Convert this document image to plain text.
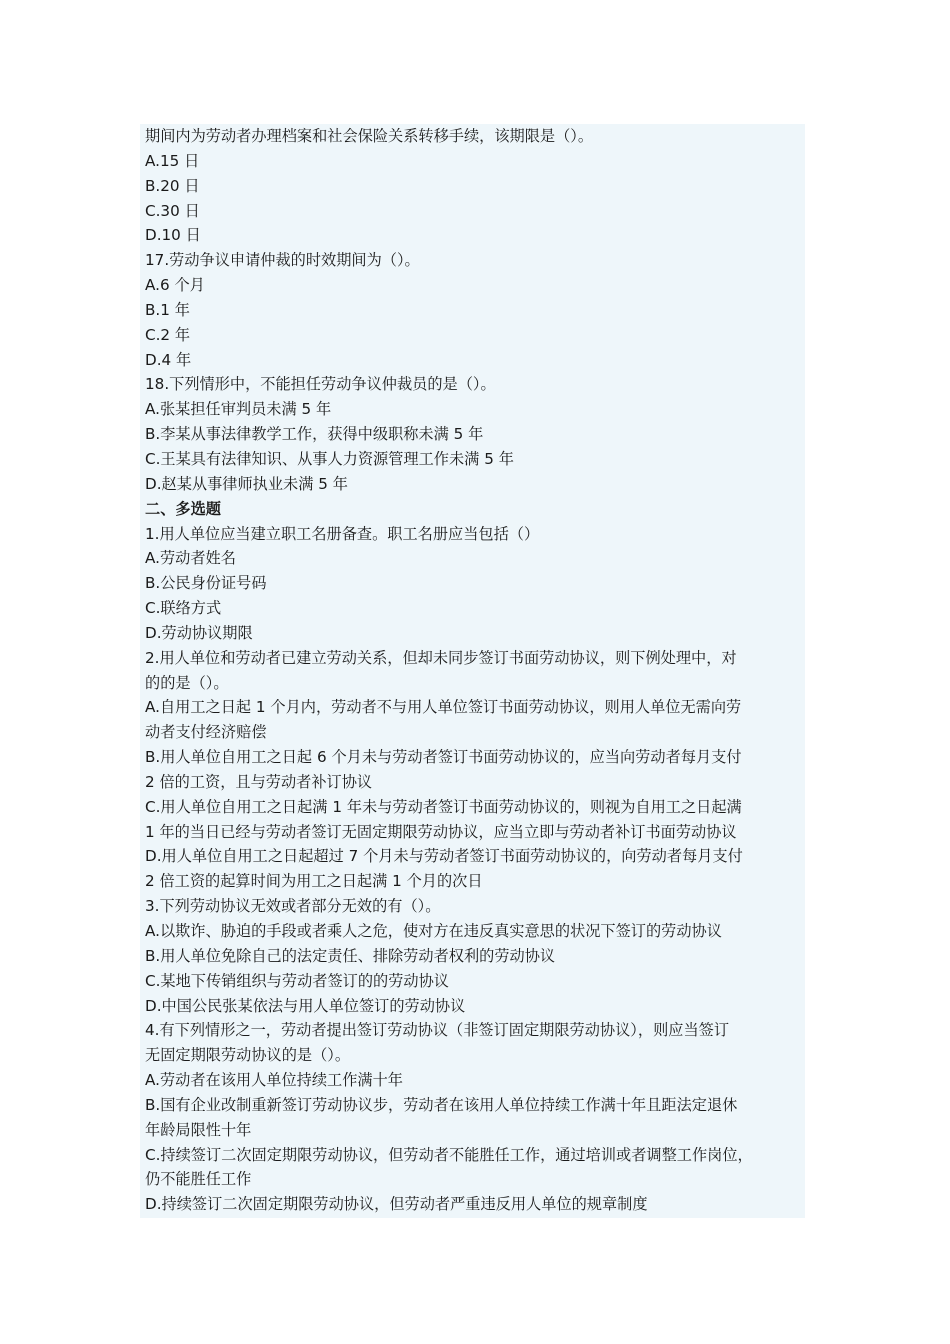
期间内为劳动者办理档案和社会保险关系转移手续，该期限是（）。
A.15 日
B.20 日
C.30 日
D.10 日
17.劳动争议申请仲裁的时效期间为（）。
A.6 个月
B.1 年
C.2 年
D.4 年
18.下列情形中，不能担任劳动争议仲裁员的是（）。
A.张某担任审判员未满 5 年
B.李某从事法律教学工作，获得中级职称未满 5 年
C.王某具有法律知识、从事人力资源管理工作未满 5 年
D.赵某从事律师执业未满 5 年
二、多选题
1.用人单位应当建立职工名册备查。职工名册应当包括（）
A.劳动者姓名
B.公民身份证号码
C.联络方式
D.劳动协议期限
2.用人单位和劳动者已建立劳动关系，但却未同步签订书面劳动协议，则下例处理中，对
的的是（）。
A.自用工之日起 1 个月内，劳动者不与用人单位签订书面劳动协议，则用人单位无需向劳
动者支付经济赔偿
B.用人单位自用工之日起 6 个月未与劳动者签订书面劳动协议的，应当向劳动者每月支付
2 倍的工资，且与劳动者补订协议
C.用人单位自用工之日起满 1 年未与劳动者签订书面劳动协议的，则视为自用工之日起满
1 年的当日已经与劳动者签订无固定期限劳动协议，应当立即与劳动者补订书面劳动协议
D.用人单位自用工之日起超过 7 个月未与劳动者签订书面劳动协议的，向劳动者每月支付
2 倍工资的起算时间为用工之日起满 1 个月的次日
3.下列劳动协议无效或者部分无效的有（）。
A.以欺诈、胁迫的手段或者乘人之危，使对方在违反真实意思的状况下签订的劳动协议
B.用人单位免除自己的法定责任、排除劳动者权利的劳动协议
C.某地下传销组织与劳动者签订的的劳动协议
D.中国公民张某依法与用人单位签订的劳动协议
4.有下列情形之一，劳动者提出签订劳动协议（非签订固定期限劳动协议），则应当签订
无固定期限劳动协议的是（）。
A.劳动者在该用人单位持续工作满十年
B.国有企业改制重新签订劳动协议步，劳动者在该用人单位持续工作满十年且距法定退休
年龄局限性十年
C.持续签订二次固定期限劳动协议，但劳动者不能胜任工作，通过培训或者调整工作岗位，
仍不能胜任工作
D.持续签订二次固定期限劳动协议，但劳动者严重违反用人单位的规章制度
